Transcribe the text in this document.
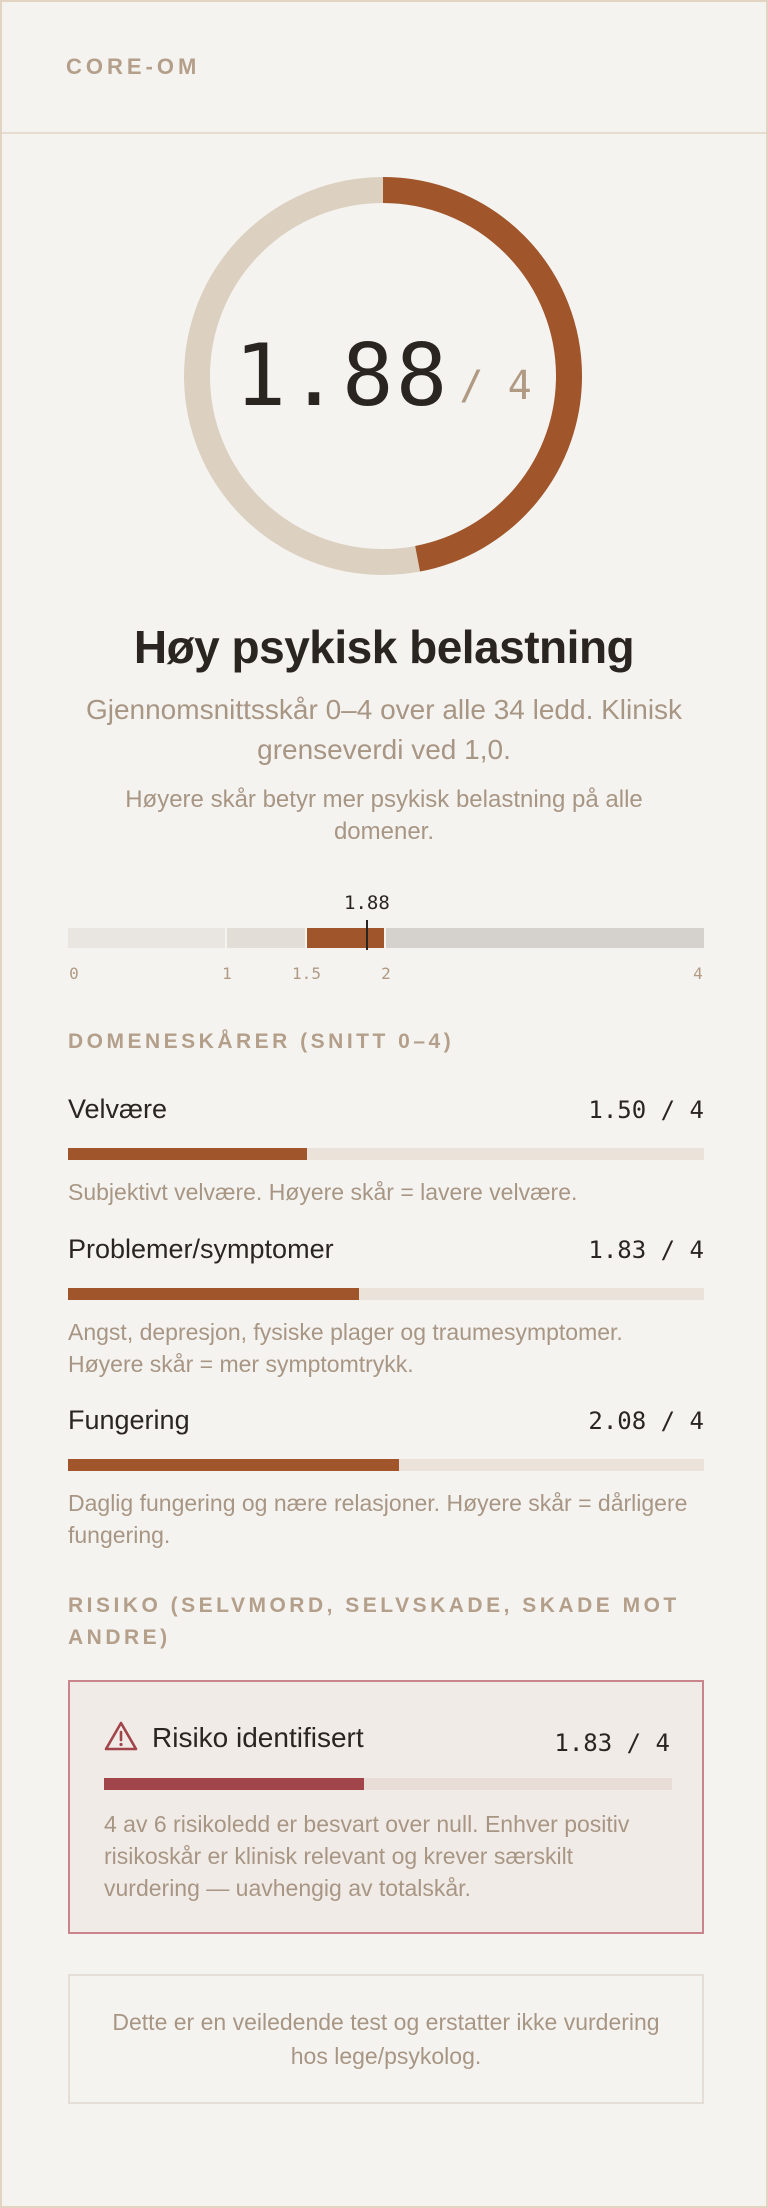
CORE-OM
1.88 / 4
Høy psykisk belastning
Gjennomsnittsskår 0–4 over alle 34 ledd. Klinisk grenseverdi ved 1,0.
Høyere skår betyr mer psykisk belastning på alle domener.
1.88
0	1	1.5	2	4
DOMENESKÅRER (SNITT 0–4)
Velvære	1.50 / 4
Subjektivt velvære. Høyere skår = lavere velvære.
Problemer/symptomer	1.83 / 4
Angst, depresjon, fysiske plager og traumesymptomer. Høyere skår = mer symptomtrykk.
Fungering	2.08 / 4
Daglig fungering og nære relasjoner. Høyere skår = dårligere fungering.
RISIKO (SELVMORD, SELVSKADE, SKADE MOT ANDRE)
Risiko identifisert	1.83 / 4
4 av 6 risikoledd er besvart over null. Enhver positiv risikoskår er klinisk relevant og krever særskilt vurdering — uavhengig av totalskår.
Dette er en veiledende test og erstatter ikke vurdering hos lege/psykolog.
